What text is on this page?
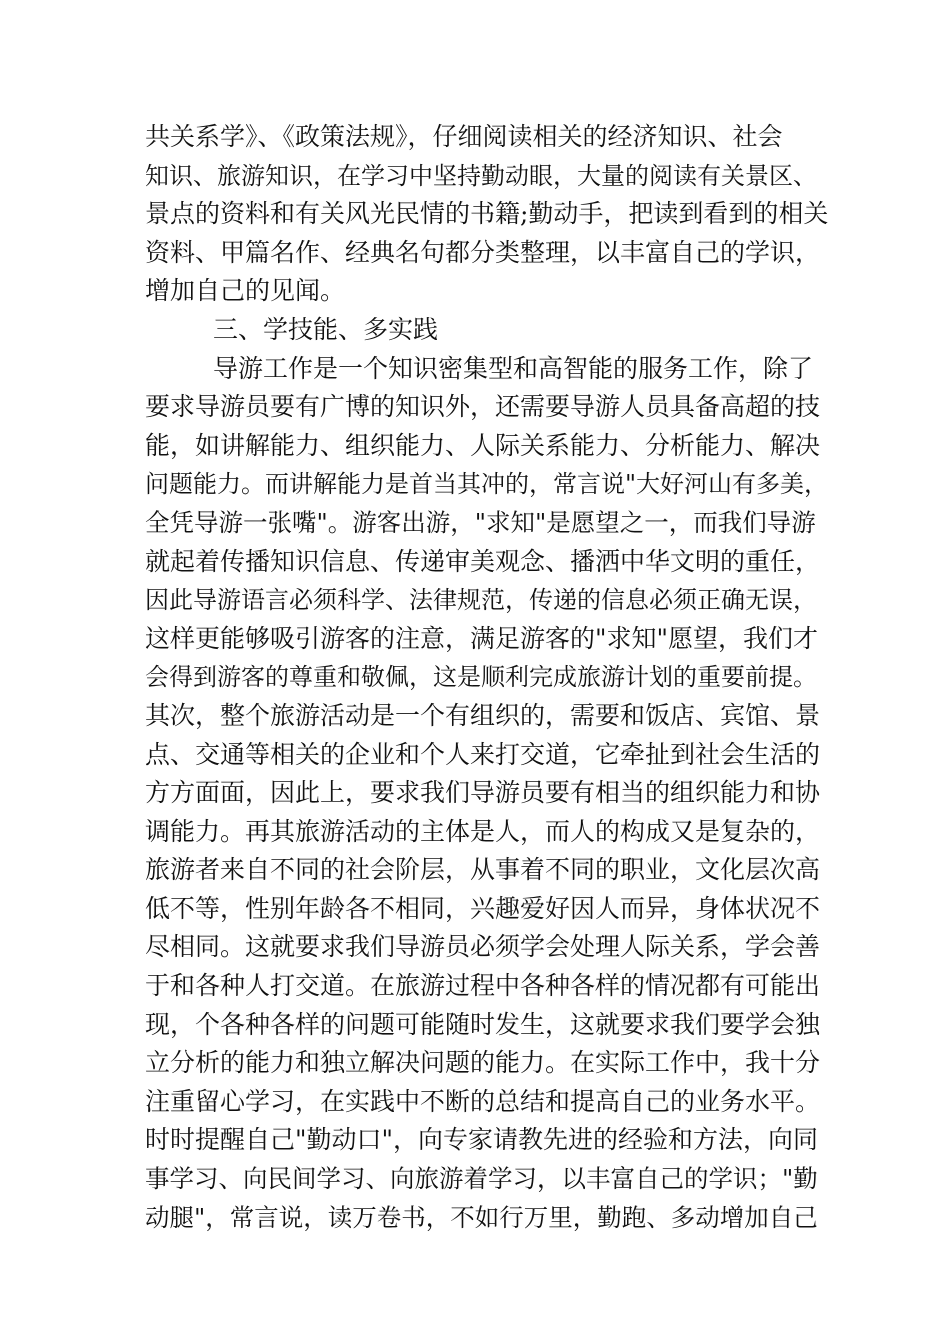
共关系学》、《政策法规》，仔细阅读相关的经济知识、社会
知识、旅游知识，在学习中坚持勤动眼，大量的阅读有关景区、
景点的资料和有关风光民情的书籍;勤动手，把读到看到的相关
资料、甲篇名作、经典名句都分类整理，以丰富自己的学识，
增加自己的见闻。
三、学技能、多实践
导游工作是一个知识密集型和高智能的服务工作，除了
要求导游员要有广博的知识外，还需要导游人员具备高超的技
能，如讲解能力、组织能力、人际关系能力、分析能力、解决
问题能力。而讲解能力是首当其冲的，常言说"大好河山有多美，
全凭导游一张嘴"。游客出游，"求知"是愿望之一，而我们导游
就起着传播知识信息、传递审美观念、播洒中华文明的重任，
因此导游语言必须科学、法律规范，传递的信息必须正确无误，
这样更能够吸引游客的注意，满足游客的"求知"愿望，我们才
会得到游客的尊重和敬佩，这是顺利完成旅游计划的重要前提。
其次，整个旅游活动是一个有组织的，需要和饭店、宾馆、景
点、交通等相关的企业和个人来打交道，它牵扯到社会生活的
方方面面，因此上，要求我们导游员要有相当的组织能力和协
调能力。再其旅游活动的主体是人，而人的构成又是复杂的，
旅游者来自不同的社会阶层，从事着不同的职业，文化层次高
低不等，性别年龄各不相同，兴趣爱好因人而异，身体状况不
尽相同。这就要求我们导游员必须学会处理人际关系，学会善
于和各种人打交道。在旅游过程中各种各样的情况都有可能出
现，个各种各样的问题可能随时发生，这就要求我们要学会独
立分析的能力和独立解决问题的能力。在实际工作中，我十分
注重留心学习，在实践中不断的总结和提高自己的业务水平。
时时提醒自己"勤动口"，向专家请教先进的经验和方法，向同
事学习、向民间学习、向旅游着学习，以丰富自己的学识；"勤
动腿"，常言说，读万卷书，不如行万里，勤跑、多动增加自己
